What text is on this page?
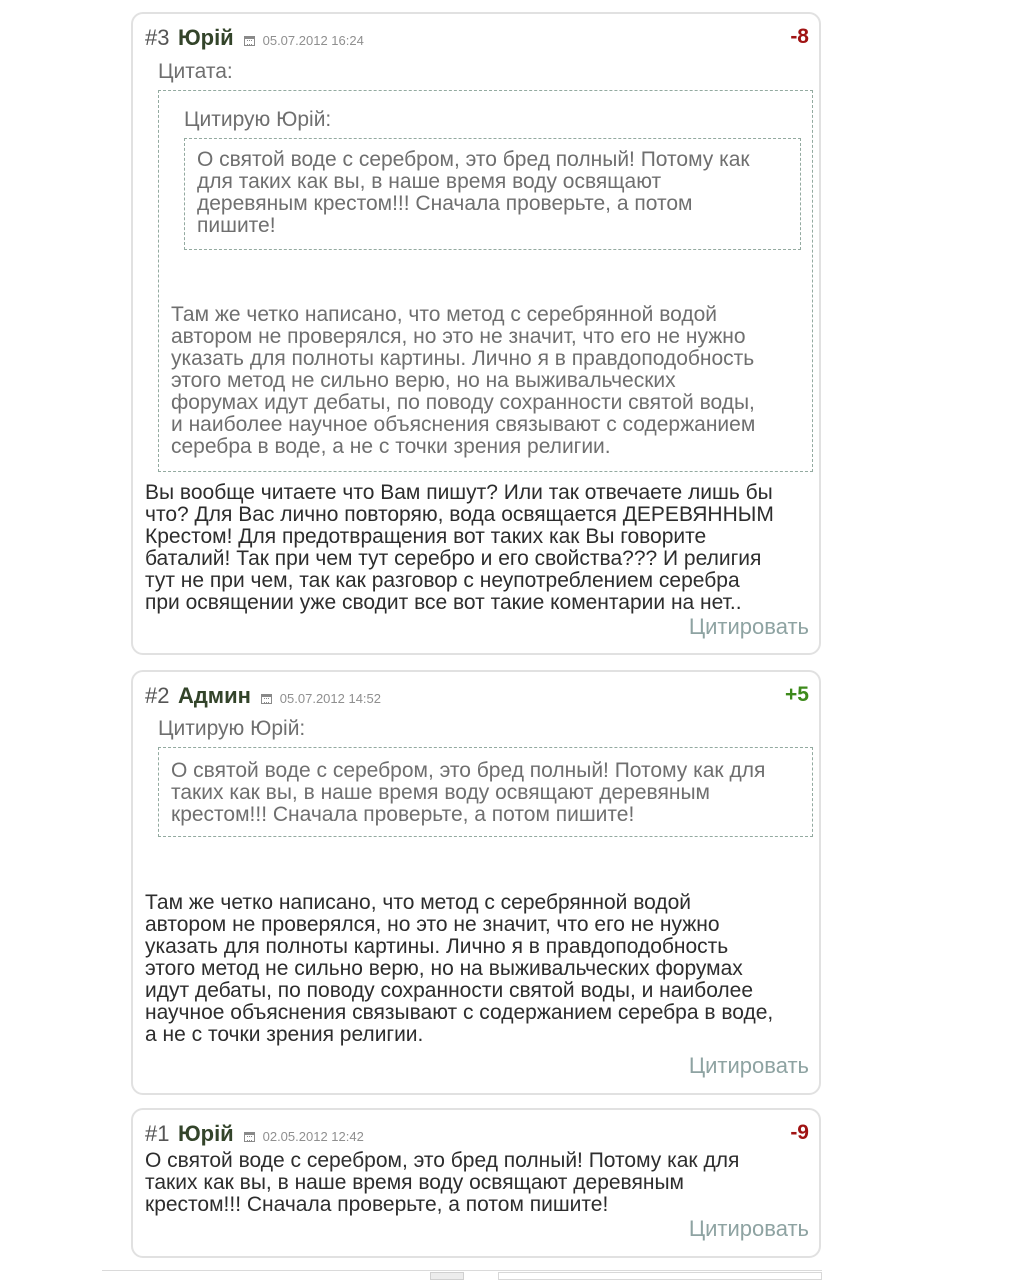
#3 Юрій 05.07.2012 16:24	-8
Цитата:
Цитирую Юрій:
О святой воде с серебром, это бред полный! Потому как
для таких как вы, в наше время воду освящают
деревяным крестом!!! Сначала проверьте, а потом
пишите!
Там же четко написано, что метод с серебрянной водой
автором не проверялся, но это не значит, что его не нужно
указать для полноты картины. Лично я в правдоподобность
этого метод не сильно верю, но на выживальческих
форумах идут дебаты, по поводу сохранности святой воды,
и наиболее научное объяснения связывают с содержанием
серебра в воде, а не с точки зрения религии.
Вы вообще читаете что Вам пишут? Или так отвечаете лишь бы
что? Для Вас лично повторяю, вода освящается ДЕРЕВЯННЫМ
Крестом! Для предотвращения вот таких как Вы говорите
баталий! Так при чем тут серебро и его свойства??? И религия
тут не при чем, так как разговор с неупотреблением серебра
при освящении уже сводит все вот такие коментарии на нет..
Цитировать
#2 Админ 05.07.2012 14:52	+5
Цитирую Юрій:
О святой воде с серебром, это бред полный! Потому как для
таких как вы, в наше время воду освящают деревяным
крестом!!! Сначала проверьте, а потом пишите!
Там же четко написано, что метод с серебрянной водой
автором не проверялся, но это не значит, что его не нужно
указать для полноты картины. Лично я в правдоподобность
этого метод не сильно верю, но на выживальческих форумах
идут дебаты, по поводу сохранности святой воды, и наиболее
научное объяснения связывают с содержанием серебра в воде,
а не с точки зрения религии.
Цитировать
#1 Юрій 02.05.2012 12:42	-9
О святой воде с серебром, это бред полный! Потому как для
таких как вы, в наше время воду освящают деревяным
крестом!!! Сначала проверьте, а потом пишите!
Цитировать
